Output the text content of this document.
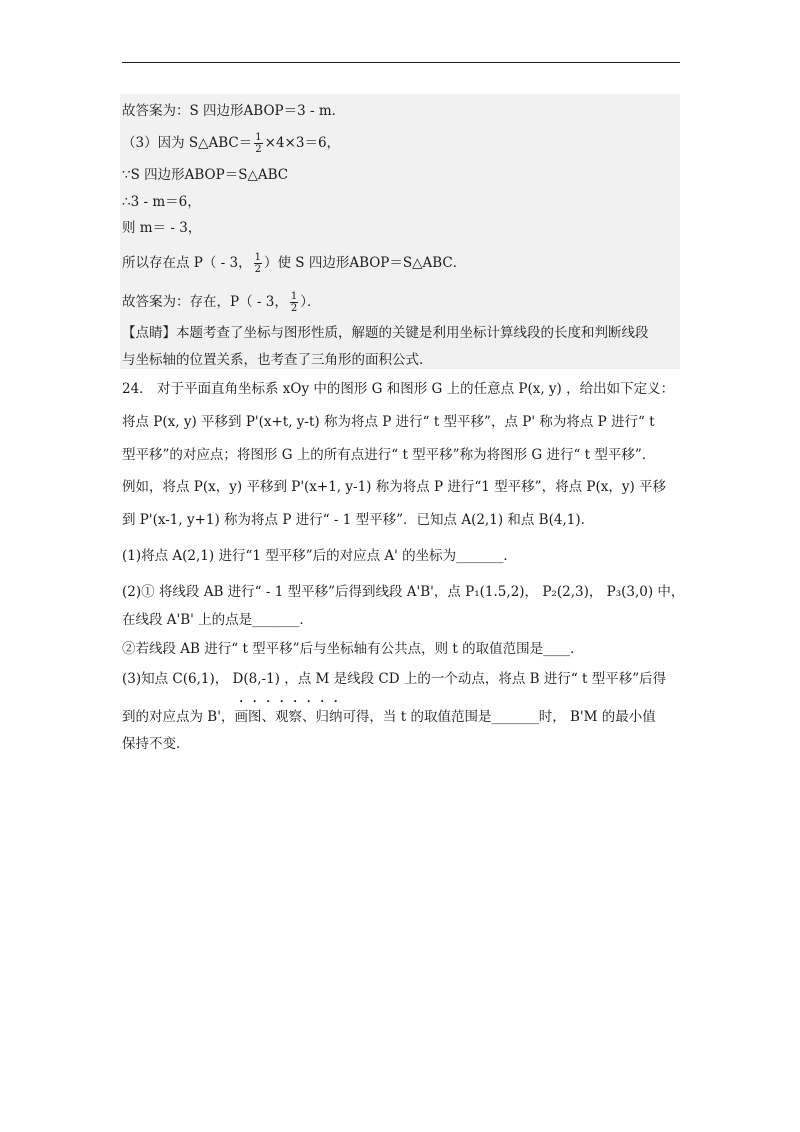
故答案为：S 四边形ABOP＝3 - m．
（3）因为 S△ABC＝ $\frac{1}{2} \times 4\times 3=6$，
∵S 四边形ABOP＝S△ABC
∴3 - m＝6，
则 m＝ - 3，
所以存在点 P（ - 3， $\frac{1}{2}$ ）使 S 四边形ABOP＝S△ABC．
故答案为：存在，P（ - 3， $\frac{1}{2}$ ）．
【点睛】本题考查了坐标与图形性质，解题的关键是利用坐标计算线段的长度和判断线段
与坐标轴的位置关系，也考查了三角形的面积公式．
24． 对于平面直角坐标系 xOy 中的图形 G 和图形 G 上的任意点 P(x, y) ，给出如下定义：
将点 P(x, y) 平移到 P'(x+t, y-t) 称为将点 P 进行“ t 型平移”，点 P' 称为将点 P 进行“ t
型平移”的对应点；将图形 G 上的所有点进行“ t 型平移”称为将图形 G 进行“ t 型平移”．
例如，将点 P(x，y) 平移到 P'(x+1, y-1) 称为将点 P 进行“1 型平移”，将点 P(x，y) 平移
到 P'(x-1, y+1) 称为将点 P 进行“ - 1 型平移”．已知点 A(2,1) 和点 B(4,1)．
(1)将点 A(2,1) 进行“1 型平移”后的对应点 A' 的坐标为_______．
(2)① 将线段 AB 进行“ - 1 型平移”后得到线段 A'B'，点 P₁(1.5,2)， P₂(2,3)， P₃(3,0) 中，
在线段 A'B' 上的点是_______．
②若线段 AB 进行“ t 型平移”后与坐标轴有公共点，则 t 的取值范围是____．
(3)知点 C(6,1)， D(8,-1) ，点 M 是线段 CD 上的一个动点，将点 B 进行“ t 型平移”后得
到的对应点为 B'，画图• 、观察• 、归纳可得，当 t 的取值范围是_______时， B'M 的最小值
保持不变．
